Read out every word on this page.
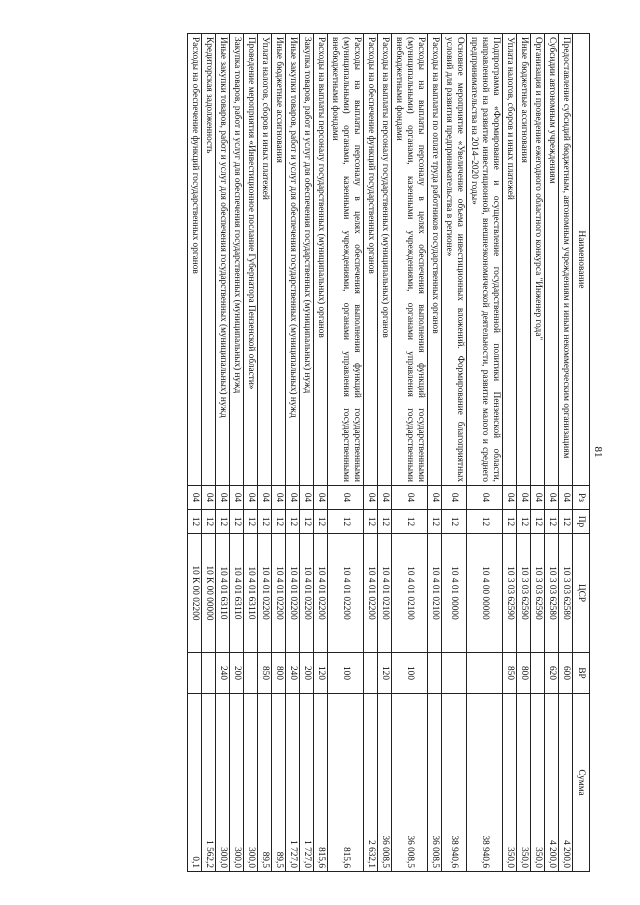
81
Наименование	Рз	Пр	ЦСР	ВР	Сумма
Предоставление субсидий бюджетным, автономным учреждениям и иным некоммерческим организациям	04	12	10 3 03 62580	600	4 200,0
Субсидии автономным учреждениям	04	12	10 3 03 62580	620	4 200,0
Организация и проведение ежегодного областного конкурса "Инженер года"	04	12	10 3 03 62590		350,0
Иные бюджетные ассигнования	04	12	10 3 03 62590	800	350,0
Уплата налогов, сборов и иных платежей	04	12	10 3 03 62590	850	350,0
Подпрограмма «Формирование и осуществление государственной политики Пензенской области, направленной на развитие инвестиционной, внешнеэкономической деятельности, развитие малого и среднего предпринимательства на 2014–2020 годы»	04	12	10 4 00 00000		38 940,6
Основное мероприятие «Увеличение объема инвестиционных вложений. Формирование благоприятных условий для развития предпринимательства в регионе»	04	12	10 4 01 00000		38 940,6
Расходы на выплаты по оплате труда работников государственных органов	04	12	10 4 01 02100		36 008,5
Расходы на выплаты персоналу в целях обеспечения выполнения функций государственными (муниципальными) органами, казенными учреждениями, органами управления государственными внебюджетными фондами	04	12	10 4 01 02100	100	36 008,5
Расходы на выплаты персоналу государственных (муниципальных) органов	04	12	10 4 01 02100	120	36 008,5
Расходы на обеспечение функций государственных органов	04	12	10 4 01 02200		2 632,1
Расходы на выплаты персоналу в целях обеспечения выполнения функций государственными (муниципальными) органами, казенными учреждениями, органами управления государственными внебюджетными фондами	04	12	10 4 01 02200	100	815,6
Расходы на выплаты персоналу государственных (муниципальных) органов	04	12	10 4 01 02200	120	815,6
Закупка товаров, работ и услуг для обеспечения государственных (муниципальных) нужд	04	12	10 4 01 02200	200	1 727,0
Иные закупки товаров, работ и услуг для обеспечения государственных (муниципальных) нужд	04	12	10 4 01 02200	240	1 727,0
Иные бюджетные ассигнования	04	12	10 4 01 02200	800	89,5
Уплата налогов, сборов и иных платежей	04	12	10 4 01 02200	850	89,5
Проведение мероприятия «Инвестиционное послание Губернатора Пензенской области»	04	12	10 4 01 63110		300,0
Закупка товаров, работ и услуг для обеспечения государственных (муниципальных) нужд	04	12	10 4 01 63110	200	300,0
Иные закупки товаров, работ и услуг для обеспечения государственных (муниципальных) нужд	04	12	10 4 01 63110	240	300,0
Кредиторская задолженность	04	12	10 К 00 00000		1 562,2
Расходы на обеспечение функций государственных органов	04	12	10 К 00 02200		0,1
